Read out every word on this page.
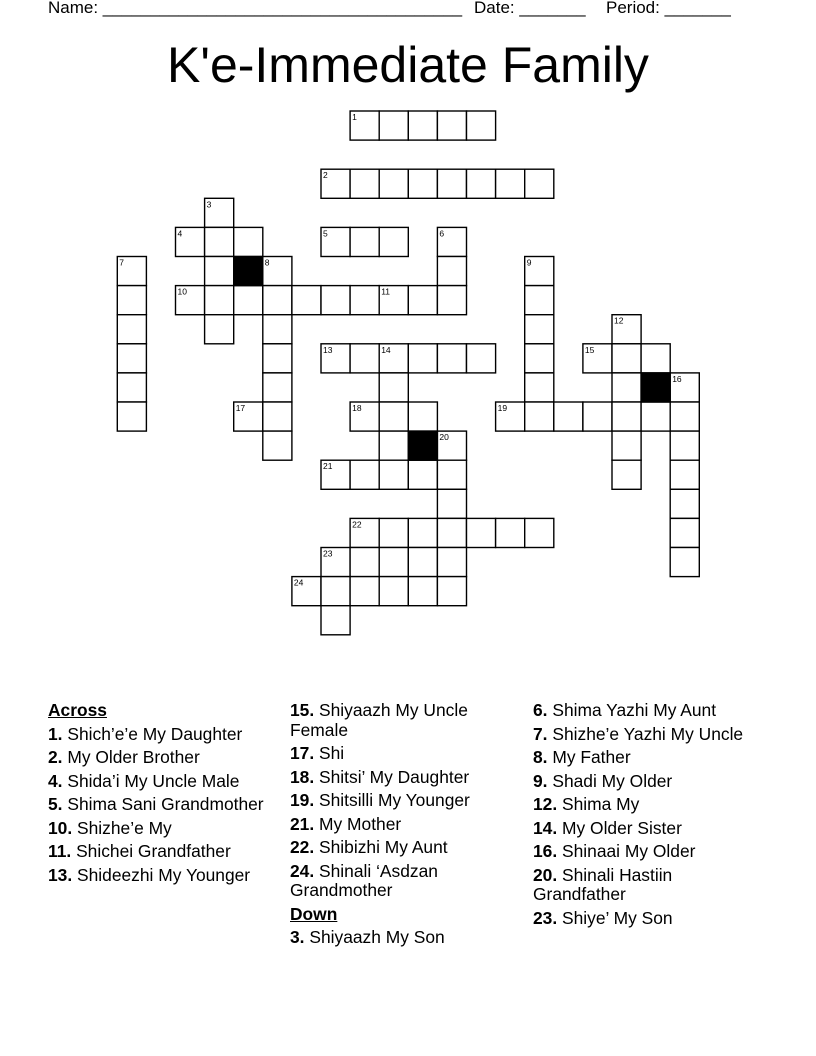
Name: ______________________________________ Date: _______ Period: _______
K'e-Immediate Family
1
2
3
4	5	6
7	8	9
10	11
12
13	14	15
16
17	18	19
20
21
22
23
24
Across
1. Shich’e’e My Daughter
2. My Older Brother
4. Shida’i My Uncle Male
5. Shima Sani Grandmother
10. Shizhe’e My
11. Shichei Grandfather
13. Shideezhi My Younger
15. Shiyaazh My Uncle Female
17. Shi
18. Shitsi’ My Daughter
19. Shitsilli My Younger
21. My Mother
22. Shibizhi My Aunt
24. Shinali ‘Asdzan Grandmother
Down
3. Shiyaazh My Son
6. Shima Yazhi My Aunt
7. Shizhe’e Yazhi My Uncle
8. My Father
9. Shadi My Older
12. Shima My
14. My Older Sister
16. Shinaai My Older
20. Shinali Hastiin Grandfather
23. Shiye’ My Son
